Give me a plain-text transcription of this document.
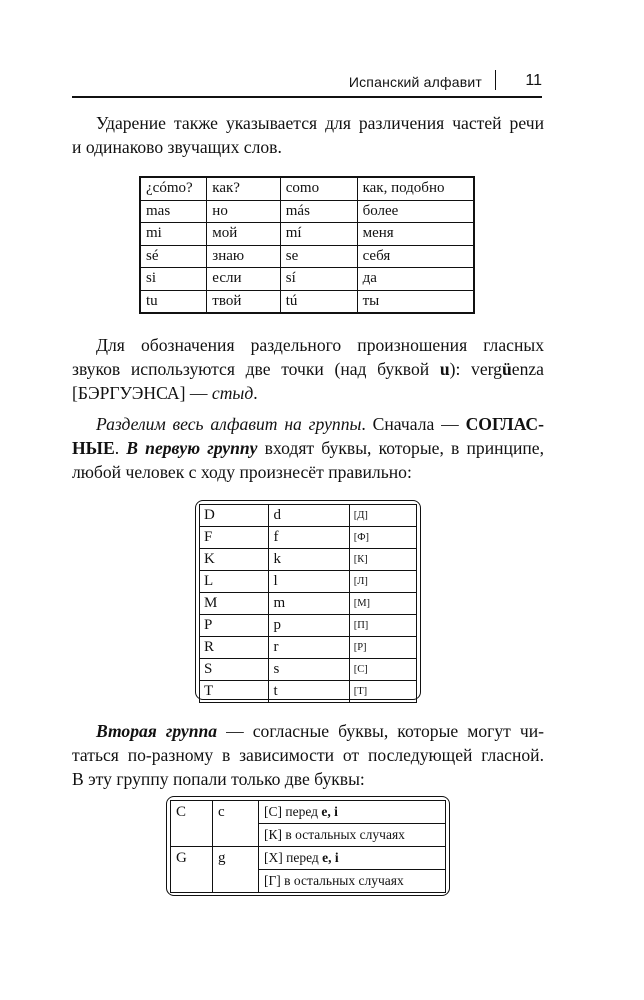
Испанский алфавит	11

Ударение также указывается для различения частей речи
и одинаково звучащих слов.

¿cómo?	как?	como	как, подобно
mas	но	más	более
mi	мой	mí	меня
sé	знаю	se	себя
si	если	sí	да
tu	твой	tú	ты

Для обозначения раздельного произношения гласных
звуков используются две точки (над буквой u): vergüenza
[БЭРГУЭНСА] — стыд.

Разделим весь алфавит на группы. Сначала — СОГЛАС-
НЫЕ. В первую группу входят буквы, которые, в принципе,
любой человек с ходу произнесёт правильно:

D	d	[Д]
F	f	[Ф]
K	k	[К]
L	l	[Л]
M	m	[М]
P	p	[П]
R	r	[Р]
S	s	[С]
T	t	[Т]

Вторая группа — согласные буквы, которые могут чи-
таться по-разному в зависимости от последующей гласной.
В эту группу попали только две буквы:

C	c	[С] перед e, i
		[К] в остальных случаях
G	g	[Х] перед e, i
		[Г] в остальных случаях
